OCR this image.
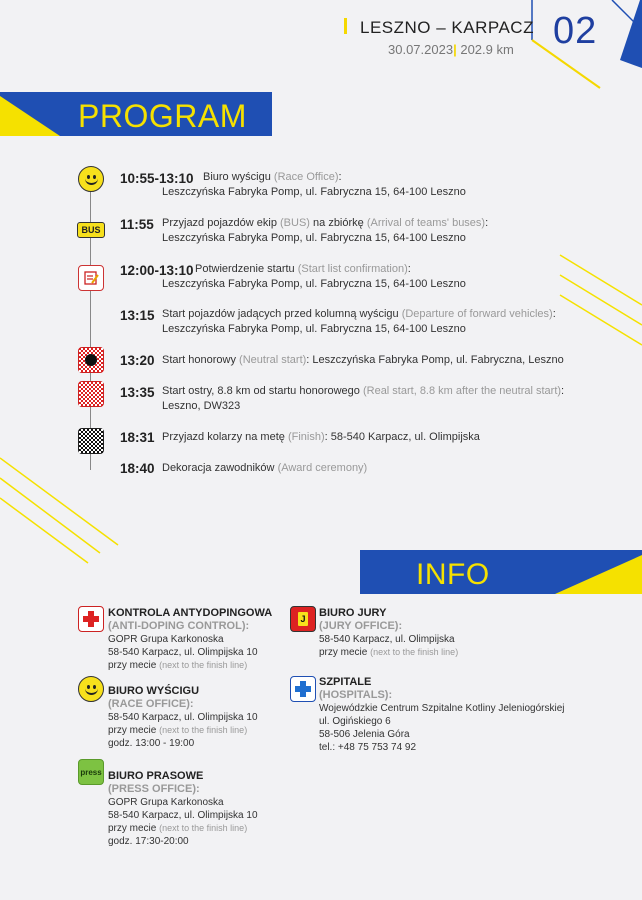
LESZNO – KARPACZ
30.07.2023| 202.9 km 02
PROGRAM
BUS
10:55-13:10 Biuro wyścigu (Race Office):
Leszczyńska Fabryka Pomp, ul. Fabryczna 15, 64-100 Leszno
11:55 Przyjazd pojazdów ekip (BUS) na zbiórkę (Arrival of teams' buses):
Leszczyńska Fabryka Pomp, ul. Fabryczna 15, 64-100 Leszno
12:00-13:10 Potwierdzenie startu (Start list confirmation):
Leszczyńska Fabryka Pomp, ul. Fabryczna 15, 64-100 Leszno
13:15 Start pojazdów jadących przed kolumną wyścigu (Departure of forward vehicles):
Leszczyńska Fabryka Pomp, ul. Fabryczna 15, 64-100 Leszno
13:20 Start honorowy (Neutral start): Leszczyńska Fabryka Pomp, ul. Fabryczna, Leszno
13:35 Start ostry, 8.8 km od startu honorowego (Real start, 8.8 km after the neutral start):
Leszno, DW323
18:31 Przyjazd kolarzy na metę (Finish): 58-540 Karpacz, ul. Olimpijska
18:40 Dekoracja zawodników (Award ceremony)
INFO
KONTROLA ANTYDOPINGOWA
(ANTI-DOPING CONTROL):
GOPR Grupa Karkonoska
58-540 Karpacz, ul. Olimpijska 10
przy mecie (next to the finish line)
BIURO WYŚCIGU
(RACE OFFICE):
58-540 Karpacz, ul. Olimpijska 10
przy mecie (next to the finish line)
godz. 13:00 - 19:00
press BIURO PRASOWE
(PRESS OFFICE):
GOPR Grupa Karkonoska
58-540 Karpacz, ul. Olimpijska 10
przy mecie (next to the finish line)
godz. 17:30-20:00
J BIURO JURY
(JURY OFFICE):
58-540 Karpacz, ul. Olimpijska
przy mecie (next to the finish line)
SZPITALE
(HOSPITALS):
Wojewódzkie Centrum Szpitalne Kotliny Jeleniogórskiej
ul. Ogińskiego 6
58-506 Jelenia Góra
tel.: +48 75 753 74 92
